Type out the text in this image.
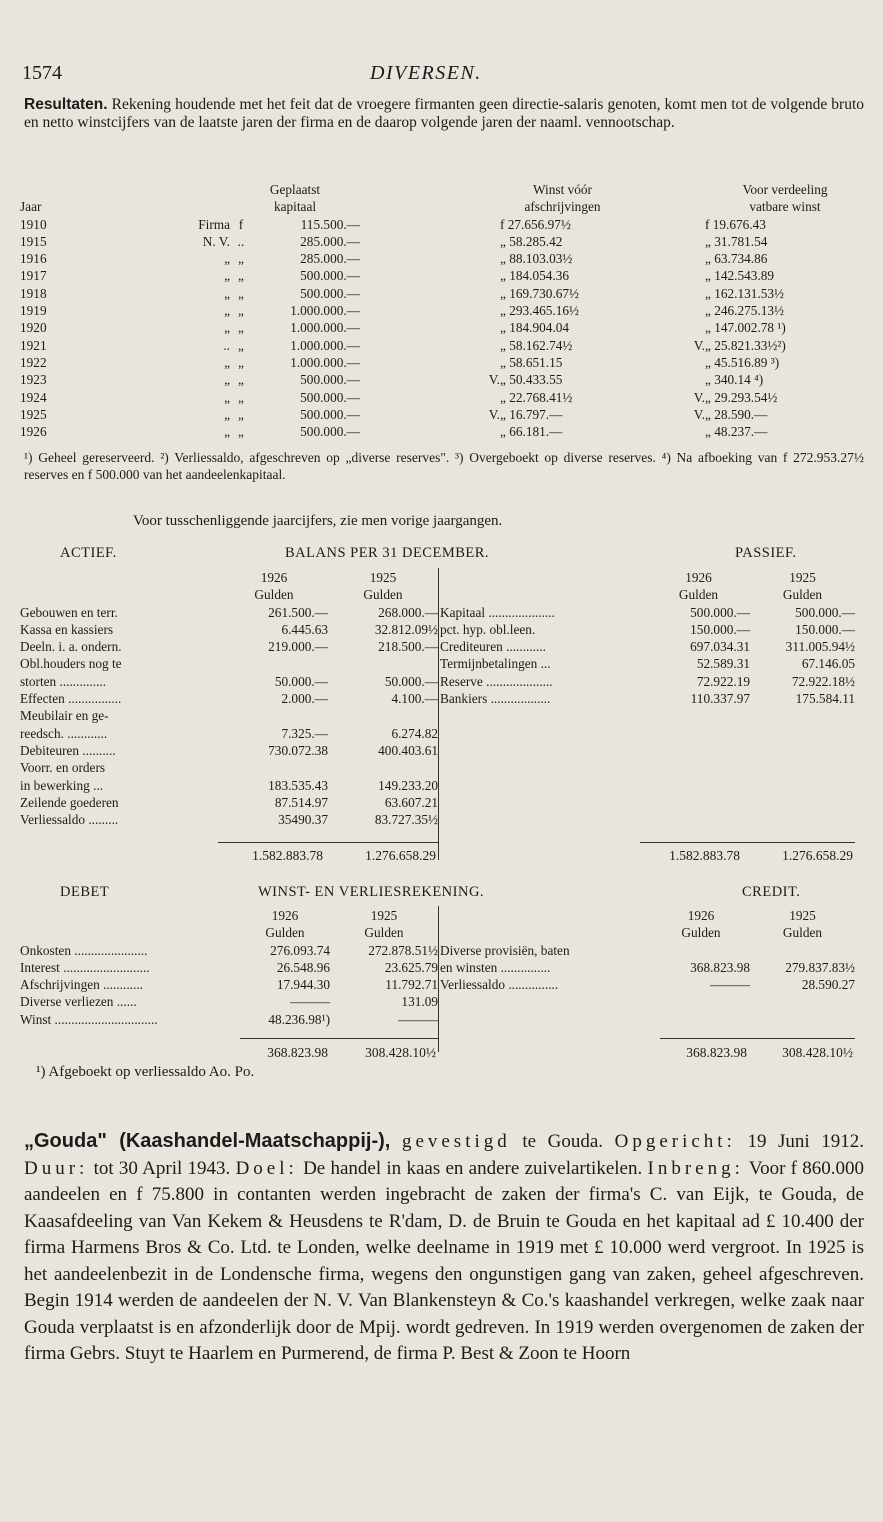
1574	DIVERSEN.
Resultaten. Rekening houdende met het feit dat de vroegere firmanten geen directie-salaris genoten, komt men tot de volgende bruto en netto winstcijfers van de laatste jaren der firma en de daarop volgende jaren der naaml. vennootschap.
		Geplaatst			Winst vóór		Voor verdeeling
Jaar		kapitaal			afschrijvingen		vatbare winst
1910	Firma	f	115.500.—		f 27.656.97½		f 19.676.43
1915	N. V.	..	285.000.—		„ 58.285.42		„ 31.781.54
1916	„	„	285.000.—		„ 88.103.03½		„ 63.734.86
1917	„	„	500.000.—		„ 184.054.36		„ 142.543.89
1918	„	„	500.000.—		„ 169.730.67½		„ 162.131.53½
1919	„	„	1.000.000.—		„ 293.465.16½		„ 246.275.13½
1920	„	„	1.000.000.—		„ 184.904.04		„ 147.002.78 ¹)
1921	..	„	1.000.000.—		„ 58.162.74½	V.	„ 25.821.33½²)
1922	„	„	1.000.000.—		„ 58.651.15		„ 45.516.89 ³)
1923	„	„	500.000.—	V.	„ 50.433.55		„ 340.14 ⁴)
1924	„	„	500.000.—		„ 22.768.41½	V.	„ 29.293.54½
1925	„	„	500.000.—	V.	„ 16.797.—	V.	„ 28.590.—
1926	„	„	500.000.—		„ 66.181.—		„ 48.237.—
¹) Geheel gereserveerd. ²) Verliessaldo, afgeschreven op „diverse reserves". ³) Overgeboekt op diverse reserves. ⁴) Na afboeking van f 272.953.27½ reserves en f 500.000 van het aandeelenkapitaal.
Voor tusschenliggende jaarcijfers, zie men vorige jaargangen.
ACTIEF.	BALANS PER 31 DECEMBER.	PASSIEF.
	1926	1925
	Gulden	Gulden
Gebouwen en terr.	261.500.—	268.000.—
Kassa en kassiers	6.445.63	32.812.09½
Deeln. i. a. ondern.	219.000.—	218.500.—
Obl.houders nog te		
storten ..............	50.000.—	50.000.—
Effecten ................	2.000.—	4.100.—
Meubilair en ge-		
reedsch. ............	7.325.—	6.274.82
Debiteuren ..........	730.072.38	400.403.61
Voorr. en orders		
in bewerking ...	183.535.43	149.233.20
Zeilende goederen	87.514.97	63.607.21
Verliessaldo .........	35490.37	83.727.35½
	1926	1925
	Gulden	Gulden
Kapitaal ....................	500.000.—	500.000.—
pct. hyp. obl.leen.	150.000.—	150.000.—
Crediteuren ............	697.034.31	311.005.94½
Termijnbetalingen ...	52.589.31	67.146.05
Reserve ....................	72.922.19	72.922.18½
Bankiers ..................	110.337.97	175.584.11
1.582.883.78	1.276.658.29	1.582.883.78	1.276.658.29
DEBET	WINST- EN VERLIESREKENING.	CREDIT.
	1926	1925
	Gulden	Gulden
Onkosten ......................	276.093.74	272.878.51½
Interest ..........................	26.548.96	23.625.79
Afschrijvingen ............	17.944.30	11.792.71
Diverse verliezen ......	———	131.09
Winst ...............................	48.236.98¹)	———
	1926	1925
	Gulden	Gulden
Diverse provisiën, baten		
en winsten ...............	368.823.98	279.837.83½
Verliessaldo ...............	———	28.590.27
368.823.98	308.428.10½	368.823.98	308.428.10½
¹) Afgeboekt op verliessaldo Ao. Po.
„Gouda" (Kaashandel-Maatschappij-), gevestigd te Gouda. Opgericht: 19 Juni 1912. Duur: tot 30 April 1943. Doel: De handel in kaas en andere zuivelartikelen. Inbreng: Voor f 860.000 aandeelen en f 75.800 in contanten werden ingebracht de zaken der firma's C. van Eijk, te Gouda, de Kaasafdeeling van Van Kekem & Heusdens te R'dam, D. de Bruin te Gouda en het kapitaal ad £ 10.400 der firma Harmens Bros & Co. Ltd. te Londen, welke deelname in 1919 met £ 10.000 werd vergroot. In 1925 is het aandeelenbezit in de Londensche firma, wegens den ongunstigen gang van zaken, geheel afgeschreven. Begin 1914 werden de aandeelen der N. V. Van Blankensteyn & Co.'s kaashandel verkregen, welke zaak naar Gouda verplaatst is en afzonderlijk door de Mpij. wordt gedreven. In 1919 werden overgenomen de zaken der firma Gebrs. Stuyt te Haarlem en Purmerend, de firma P. Best & Zoon te Hoorn
